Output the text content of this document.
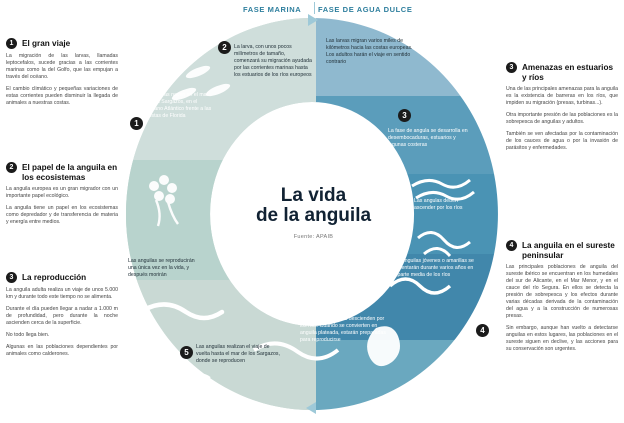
FASE MARINA FASE DE AGUA DULCE
La vida
de la anguila
Fuente: APAIB
1	El gran viaje

La migración de las larvas, llamadas leptocefalos, sucede gracias a las corrientes marinas como la del Golfo, que las empujan a través del océano.

El cambio climático y pequeñas variaciones de estas corrientes pueden disminuir la llegada de animales a nuestras costas.

2	El papel de la anguila en los ecosistemas

La anguila europea es un gran migrador con un importante papel ecológico.

La anguila tiene un papel en los ecosistemas como depredador y de transferencia de materia y energía entre medios.

3	La reproducción

La anguila adulta realiza un viaje de unos 5.000 km y durante todo este tiempo no se alimenta.

Durante el día pueden llegar a nadar a 1.000 m de profundidad, pero durante la noche ascienden cerca de la superficie.

No todo llega bien.

Algunas en las poblaciones dependientes por animales como calderones.

3	Amenazas en estuarios y ríos

Una de las principales amenazas para la anguila es la existencia de barreras en los ríos, que impiden su migración (presas, turbinas...).

Otra importante presión de las poblaciones es la sobrepesca de anguilas y adultos.

También se ven afectadas por la contaminación de los cauces de agua o por la invasión de parásitos y enfermedades.

4	La anguila en el sureste peninsular

Las principales poblaciones de anguila del sureste ibérico se encuentran en los humedales del sur de Alicante, en el Mar Menor, y en el cauce del río Segura. En ellos se detecta la presión de sobrepesca y los efectos durante varias décadas derivada de la contaminación del agua y a la construcción de numerosas presas.

Sin embargo, aunque han vuelto a detectarse anguilas en estos lugares, las poblaciones en el sureste siguen en declive, y las acciones para su conservación son urgentes.

1
Las larvas nacen en el mar de los Sargazos, en el océano Atlántico frente a las costas de Florida
2	La larva, con unos pocos milímetros de tamaño, comenzará su migración ayudada por las corrientes marinas hasta los estuarios de los ríos europeos
Las larvas migran varios miles de kilómetros hacia las costas europeas. Los adultos harán el viaje en sentido contrario
3
La fase de angula se desarrolla en desembocaduras, estuarios y lagunas costeras
Las angulas deben ascender por los ríos
Las anguilas jóvenes o amarillas se alimentarán durante varios años en la parte media de los ríos
4
Las anguilas adultas descienden por los ríos. Cuando se convierten en anguila plateada, estarán preparadas para reproducirse
5
Las anguilas realizan el viaje de vuelta hasta el mar de los Sargazos, donde se reproducen
Las anguilas se reproducirán una única vez en la vida, y después morirán
